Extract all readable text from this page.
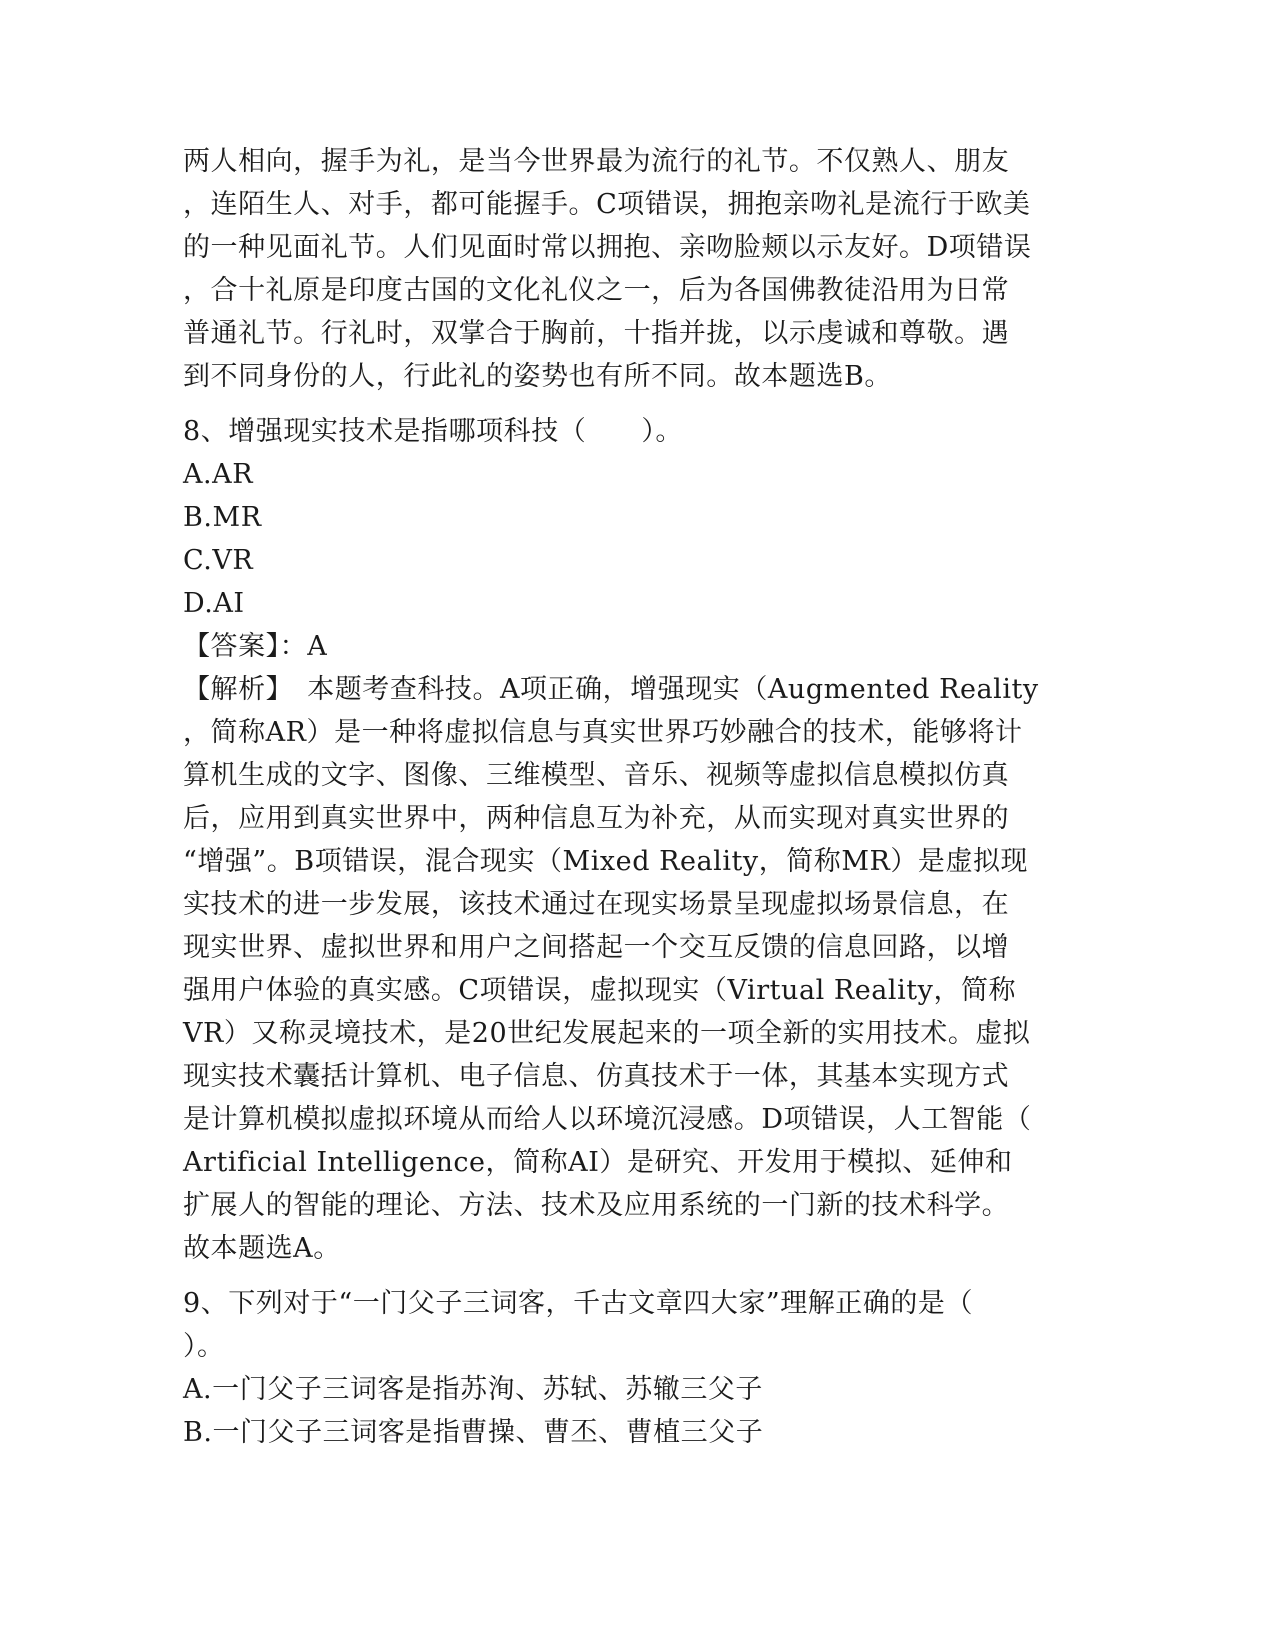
两人相向，握手为礼，是当今世界最为流行的礼节。不仅熟人、朋友
，连陌生人、对手，都可能握手。C项错误，拥抱亲吻礼是流行于欧美
的一种见面礼节。人们见面时常以拥抱、亲吻脸颊以示友好。D项错误
，合十礼原是印度古国的文化礼仪之一，后为各国佛教徒沿用为日常
普通礼节。行礼时，双掌合于胸前，十指并拢，以示虔诚和尊敬。遇
到不同身份的人，行此礼的姿势也有所不同。故本题选B。
8、增强现实技术是指哪项科技（　　）。
A.AR
B.MR
C.VR
D.AI
【答案】：A
【解析】　本题考查科技。A项正确，增强现实（Augmented Reality
，简称AR）是一种将虚拟信息与真实世界巧妙融合的技术，能够将计
算机生成的文字、图像、三维模型、音乐、视频等虚拟信息模拟仿真
后，应用到真实世界中，两种信息互为补充，从而实现对真实世界的
“增强”。B项错误，混合现实（Mixed Reality，简称MR）是虚拟现
实技术的进一步发展，该技术通过在现实场景呈现虚拟场景信息，在
现实世界、虚拟世界和用户之间搭起一个交互反馈的信息回路，以增
强用户体验的真实感。C项错误，虚拟现实（Virtual Reality，简称
VR）又称灵境技术，是20世纪发展起来的一项全新的实用技术。虚拟
现实技术囊括计算机、电子信息、仿真技术于一体，其基本实现方式
是计算机模拟虚拟环境从而给人以环境沉浸感。D项错误，人工智能（
Artificial Intelligence，简称AI）是研究、开发用于模拟、延伸和
扩展人的智能的理论、方法、技术及应用系统的一门新的技术科学。
故本题选A。
9、下列对于“一门父子三词客，千古文章四大家”理解正确的是（
）。
A.一门父子三词客是指苏洵、苏轼、苏辙三父子
B.一门父子三词客是指曹操、曹丕、曹植三父子
